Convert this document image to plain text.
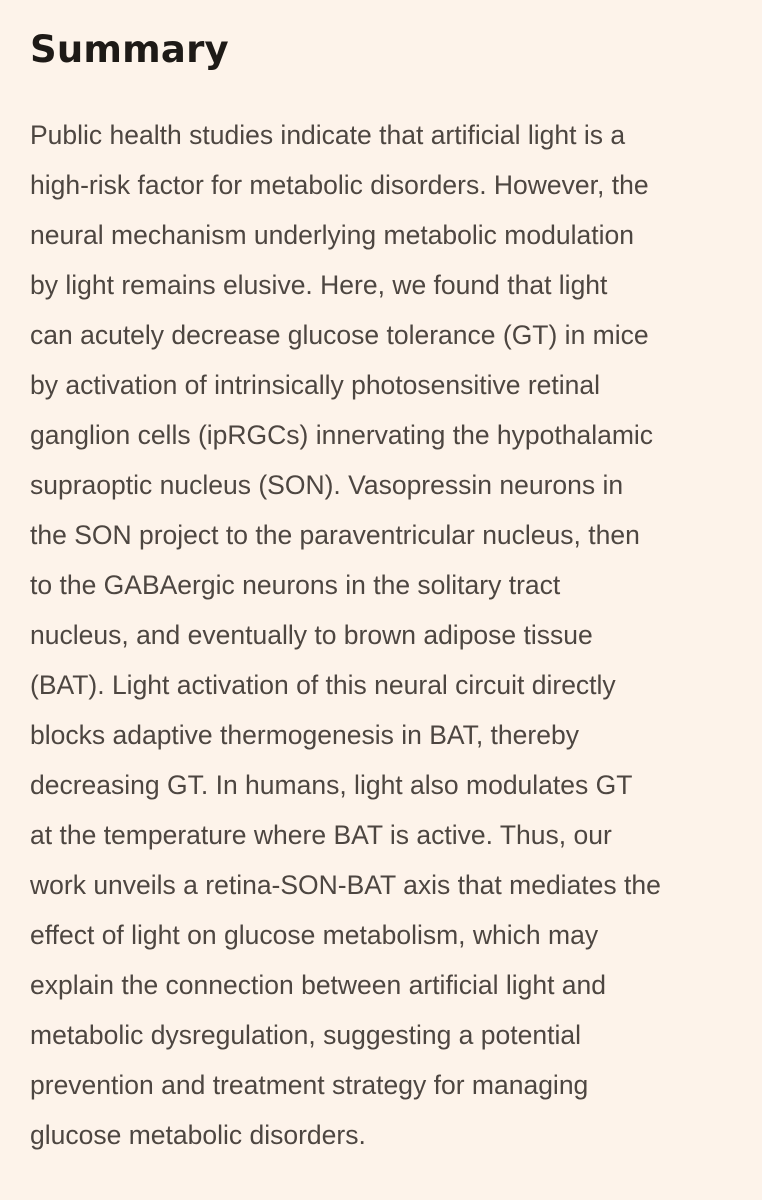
Summary
Public health studies indicate that artificial light is a
high-risk factor for metabolic disorders. However, the
neural mechanism underlying metabolic modulation
by light remains elusive. Here, we found that light
can acutely decrease glucose tolerance (GT) in mice
by activation of intrinsically photosensitive retinal
ganglion cells (ipRGCs) innervating the hypothalamic
supraoptic nucleus (SON). Vasopressin neurons in
the SON project to the paraventricular nucleus, then
to the GABAergic neurons in the solitary tract
nucleus, and eventually to brown adipose tissue
(BAT). Light activation of this neural circuit directly
blocks adaptive thermogenesis in BAT, thereby
decreasing GT. In humans, light also modulates GT
at the temperature where BAT is active. Thus, our
work unveils a retina-SON-BAT axis that mediates the
effect of light on glucose metabolism, which may
explain the connection between artificial light and
metabolic dysregulation, suggesting a potential
prevention and treatment strategy for managing
glucose metabolic disorders.
